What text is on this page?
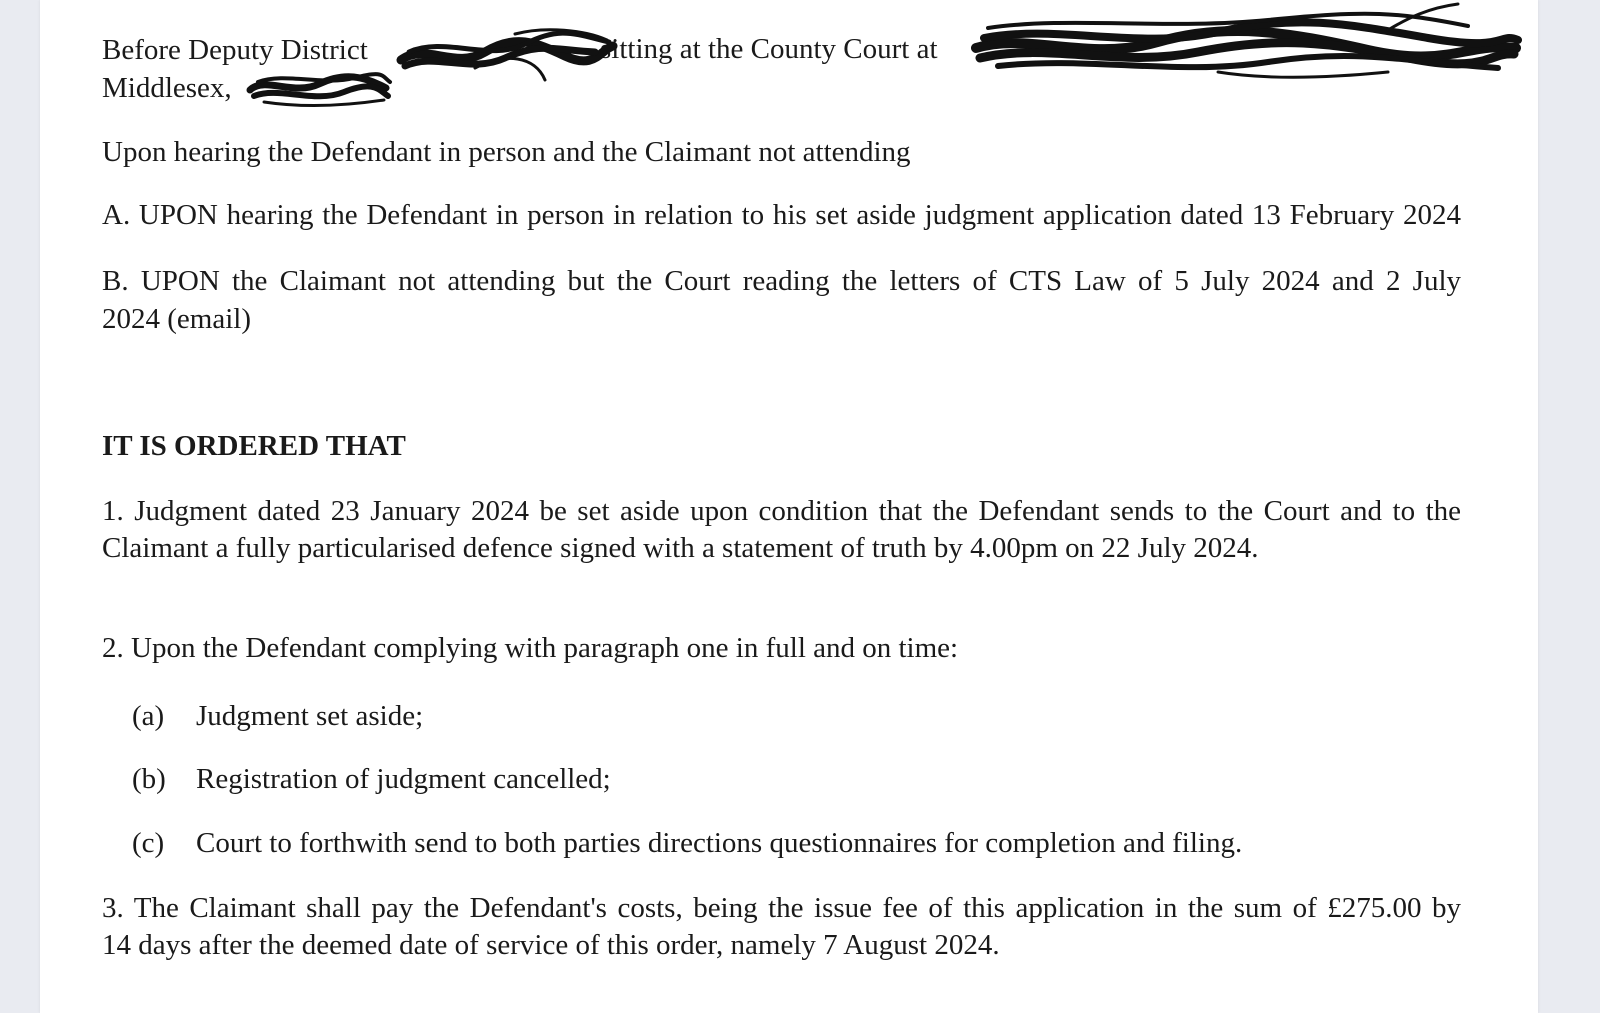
Before Deputy District	sitting at the County Court at
Middlesex,
Upon hearing the Defendant in person and the Claimant not attending
A. UPON hearing the Defendant in person in relation to his set aside judgment application dated 13 February 2024
B. UPON the Claimant not attending but the Court reading the letters of CTS Law of 5 July 2024 and 2 July
2024 (email)
IT IS ORDERED THAT
1. Judgment dated 23 January 2024 be set aside upon condition that the Defendant sends to the Court and to the
Claimant a fully particularised defence signed with a statement of truth by 4.00pm on 22 July 2024.
2. Upon the Defendant complying with paragraph one in full and on time:
(a) Judgment set aside;
(b) Registration of judgment cancelled;
(c) Court to forthwith send to both parties directions questionnaires for completion and filing.
3. The Claimant shall pay the Defendant's costs, being the issue fee of this application in the sum of £275.00 by
14 days after the deemed date of service of this order, namely 7 August 2024.
